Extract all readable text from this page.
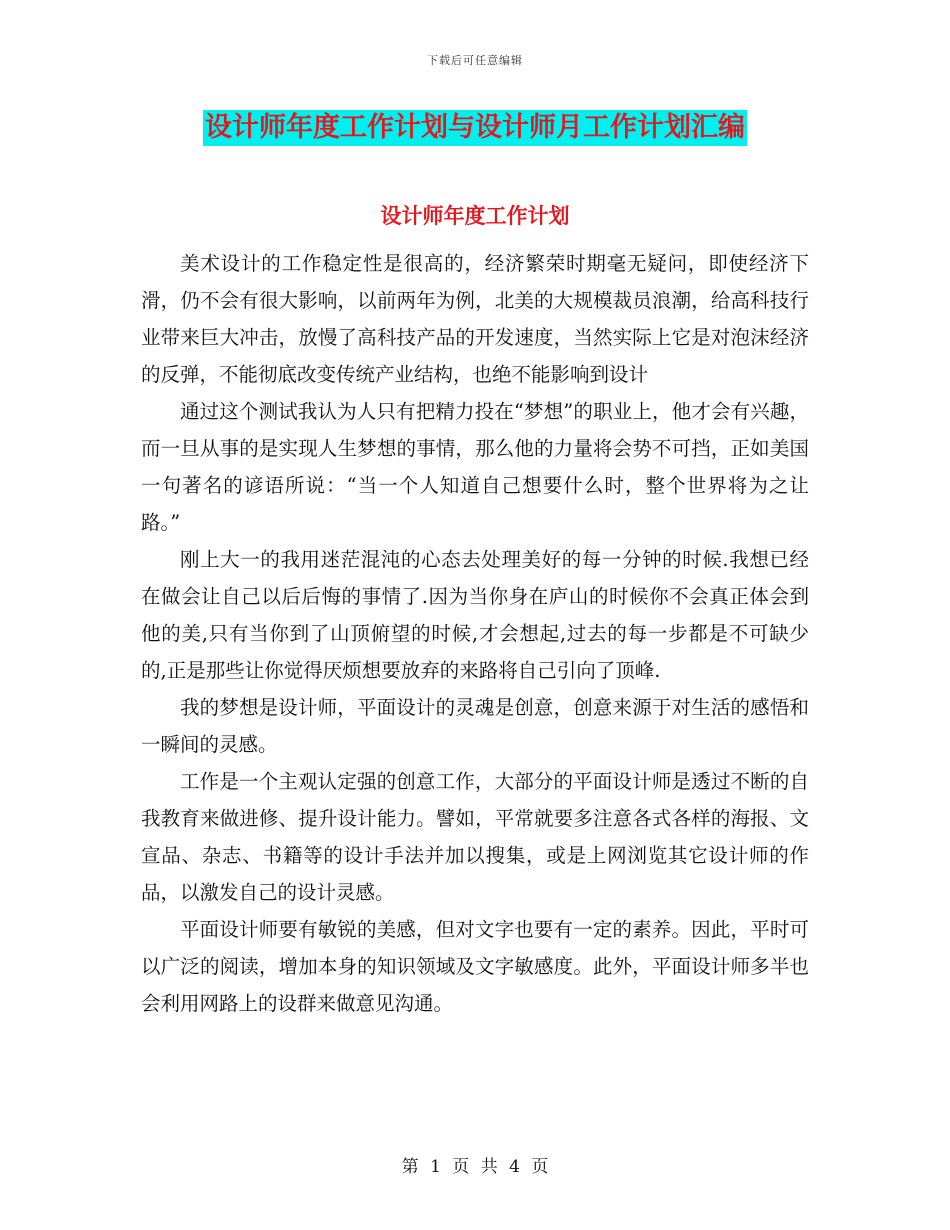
下载后可任意编辑
设计师年度工作计划与设计师月工作计划汇编
设计师年度工作计划

美术设计的工作稳定性是很高的，经济繁荣时期毫无疑问，即使经济下滑，仍不会有很大影响，以前两年为例，北美的大规模裁员浪潮，给高科技行业带来巨大冲击，放慢了高科技产品的开发速度，当然实际上它是对泡沫经济的反弹，不能彻底改变传统产业结构，也绝不能影响到设计

通过这个测试我认为人只有把精力投在“梦想”的职业上，他才会有兴趣，而一旦从事的是实现人生梦想的事情，那么他的力量将会势不可挡，正如美国一句著名的谚语所说：“当一个人知道自己想要什么时，整个世界将为之让路。”

刚上大一的我用迷茫混沌的心态去处理美好的每一分钟的时候.我想已经在做会让自己以后后悔的事情了.因为当你身在庐山的时候你不会真正体会到他的美,只有当你到了山顶俯望的时候,才会想起,过去的每一步都是不可缺少的,正是那些让你觉得厌烦想要放弃的来路将自己引向了顶峰.

我的梦想是设计师，平面设计的灵魂是创意，创意来源于对生活的感悟和一瞬间的灵感。

工作是一个主观认定强的创意工作，大部分的平面设计师是透过不断的自我教育来做进修、提升设计能力。譬如，平常就要多注意各式各样的海报、文宣品、杂志、书籍等的设计手法并加以搜集，或是上网浏览其它设计师的作品，以激发自己的设计灵感。

平面设计师要有敏锐的美感，但对文字也要有一定的素养。因此，平时可以广泛的阅读，增加本身的知识领域及文字敏感度。此外，平面设计师多半也会利用网路上的设群来做意见沟通。

第 1 页 共 4 页
